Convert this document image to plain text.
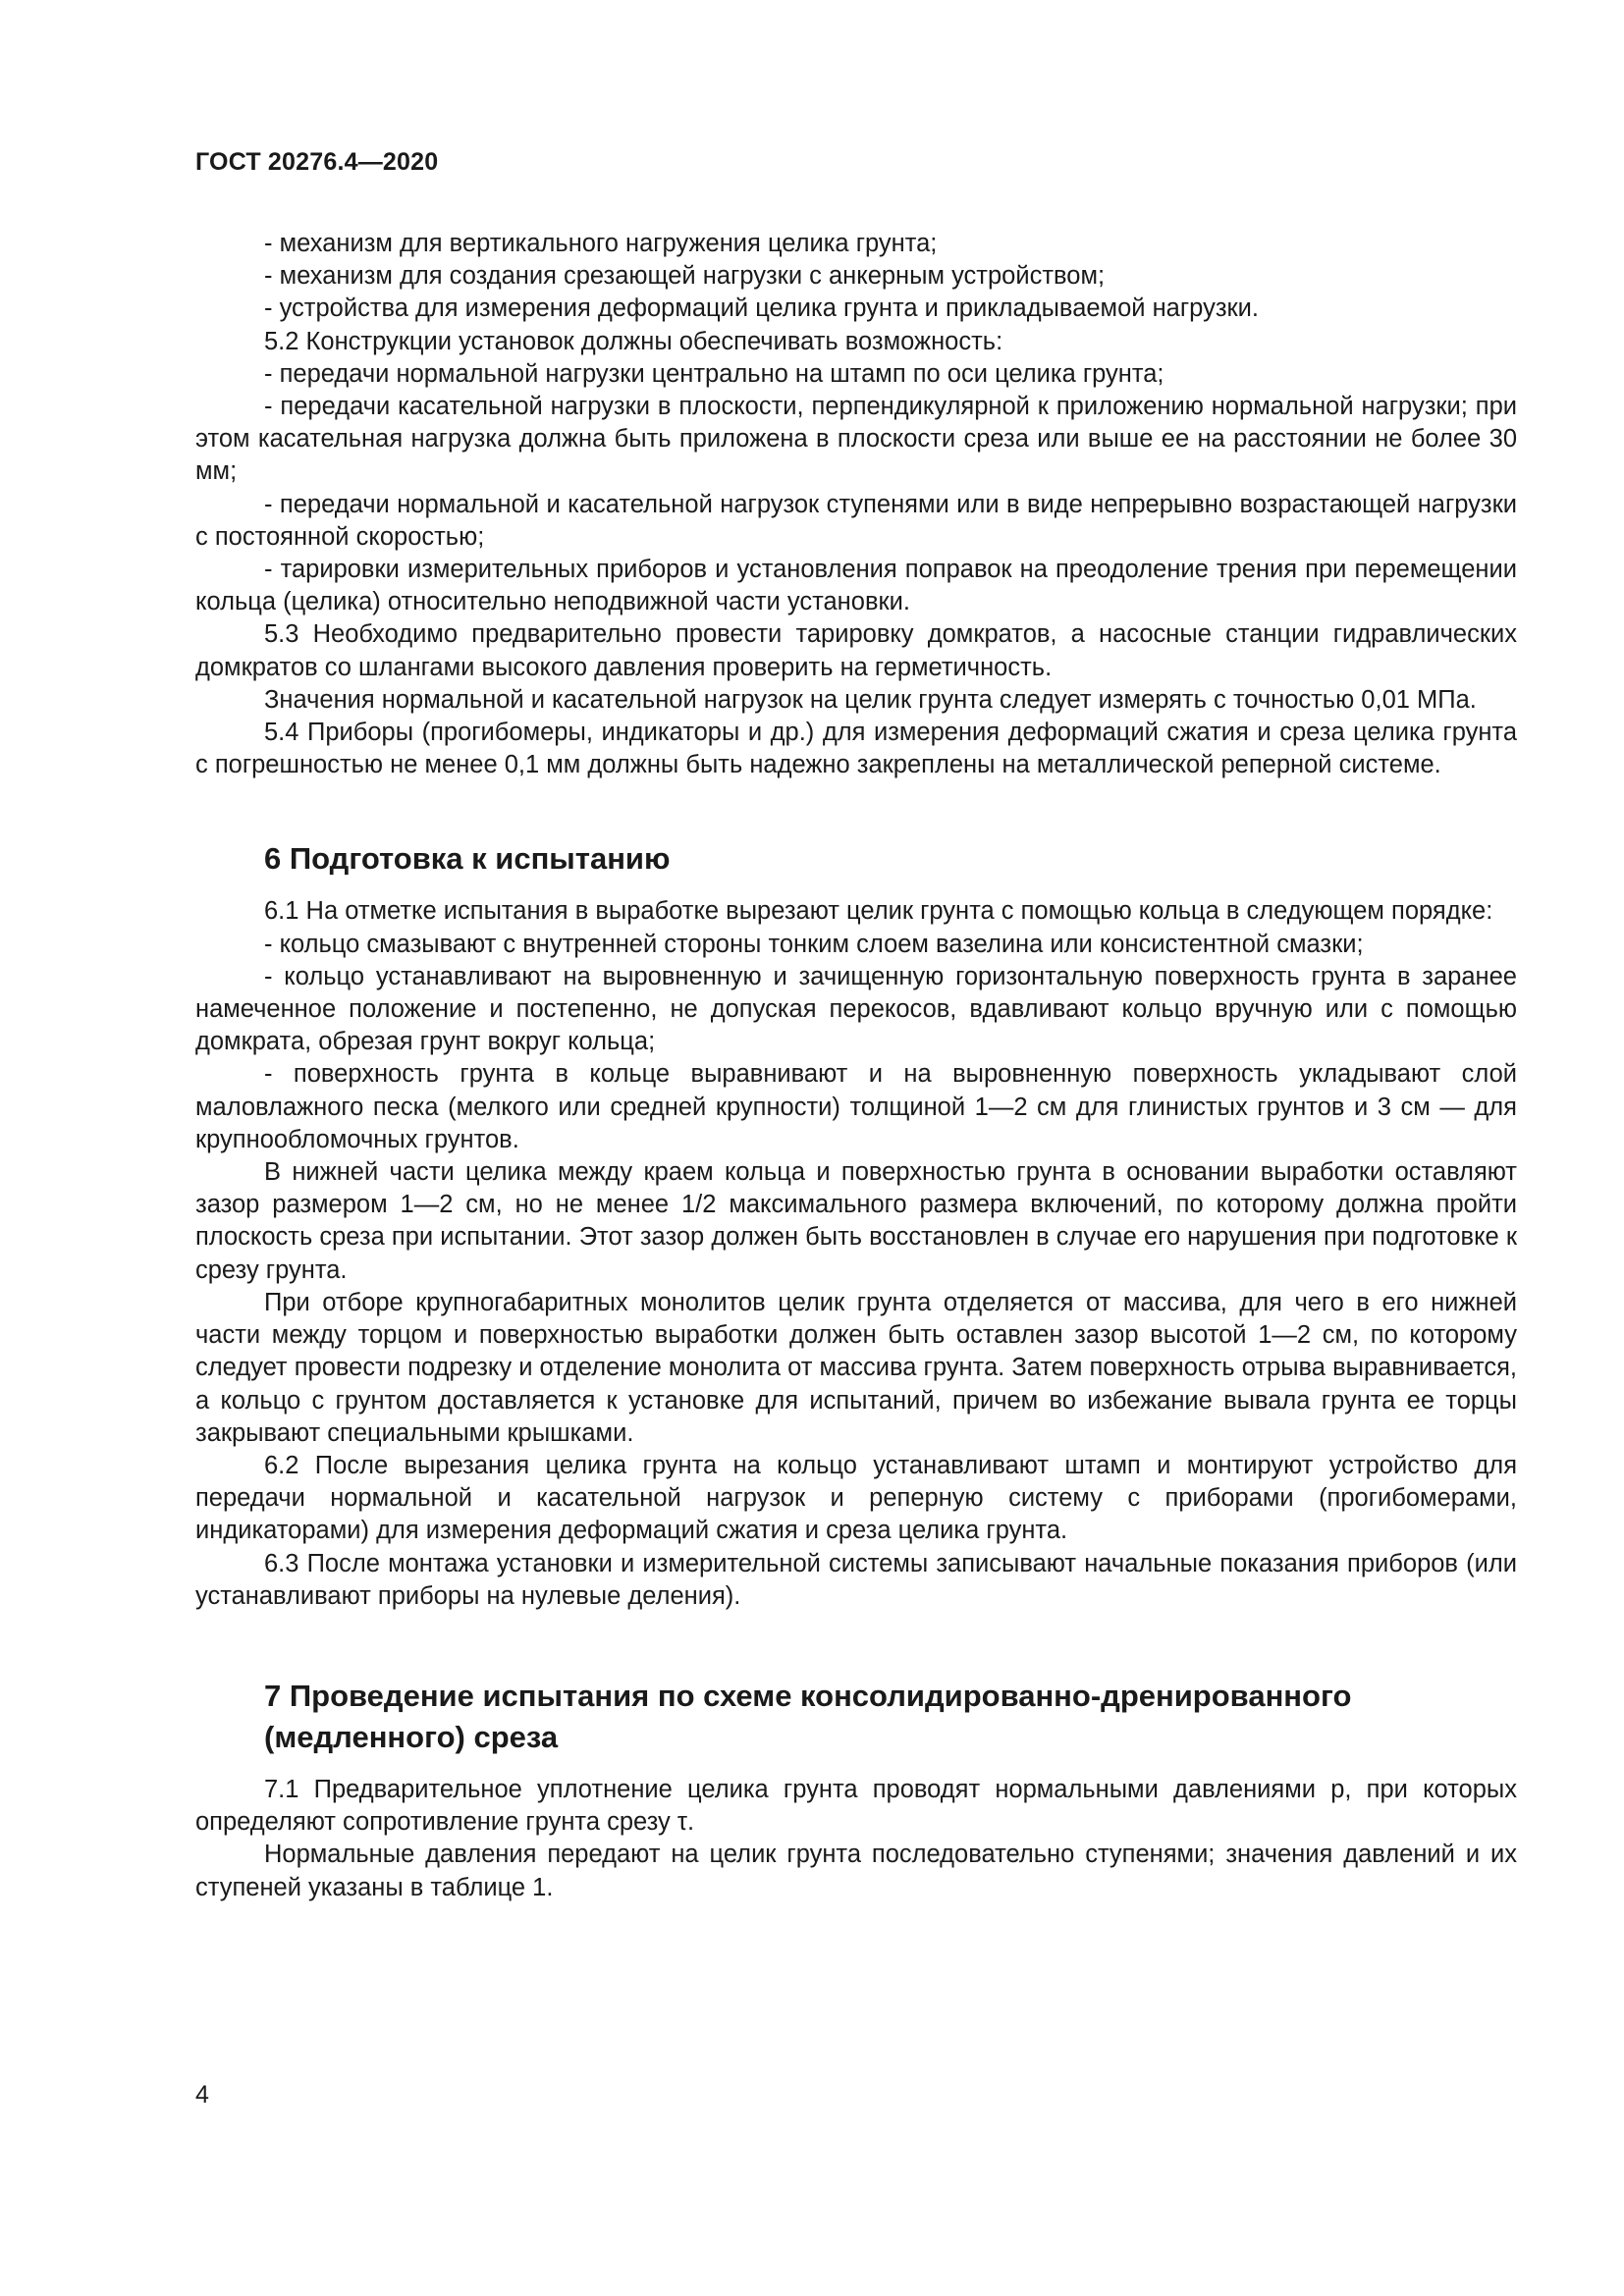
ГОСТ 20276.4—2020

- механизм для вертикального нагружения целика грунта;

- механизм для создания срезающей нагрузки с анкерным устройством;

- устройства для измерения деформаций целика грунта и прикладываемой нагрузки.

5.2 Конструкции установок должны обеспечивать возможность:

- передачи нормальной нагрузки центрально на штамп по оси целика грунта;

- передачи касательной нагрузки в плоскости, перпендикулярной к приложению нормальной нагрузки; при этом касательная нагрузка должна быть приложена в плоскости среза или выше ее на расстоянии не более 30 мм;

- передачи нормальной и касательной нагрузок ступенями или в виде непрерывно возрастающей нагрузки с постоянной скоростью;

- тарировки измерительных приборов и установления поправок на преодоление трения при перемещении кольца (целика) относительно неподвижной части установки.

5.3 Необходимо предварительно провести тарировку домкратов, а насосные станции гидравлических домкратов со шлангами высокого давления проверить на герметичность.

Значения нормальной и касательной нагрузок на целик грунта следует измерять с точностью 0,01 МПа.

5.4 Приборы (прогибомеры, индикаторы и др.) для измерения деформаций сжатия и среза целика грунта с погрешностью не менее 0,1 мм должны быть надежно закреплены на металлической реперной системе.

6 Подготовка к испытанию

6.1 На отметке испытания в выработке вырезают целик грунта с помощью кольца в следующем порядке:

- кольцо смазывают с внутренней стороны тонким слоем вазелина или консистентной смазки;

- кольцо устанавливают на выровненную и зачищенную горизонтальную поверхность грунта в заранее намеченное положение и постепенно, не допуская перекосов, вдавливают кольцо вручную или с помощью домкрата, обрезая грунт вокруг кольца;

- поверхность грунта в кольце выравнивают и на выровненную поверхность укладывают слой маловлажного песка (мелкого или средней крупности) толщиной 1—2 см для глинистых грунтов и 3 см — для крупнообломочных грунтов.

В нижней части целика между краем кольца и поверхностью грунта в основании выработки оставляют зазор размером 1—2 см, но не менее 1/2 максимального размера включений, по которому должна пройти плоскость среза при испытании. Этот зазор должен быть восстановлен в случае его нарушения при подготовке к срезу грунта.

При отборе крупногабаритных монолитов целик грунта отделяется от массива, для чего в его нижней части между торцом и поверхностью выработки должен быть оставлен зазор высотой 1—2 см, по которому следует провести подрезку и отделение монолита от массива грунта. Затем поверхность отрыва выравнивается, а кольцо с грунтом доставляется к установке для испытаний, причем во избежание вывала грунта ее торцы закрывают специальными крышками.

6.2 После вырезания целика грунта на кольцо устанавливают штамп и монтируют устройство для передачи нормальной и касательной нагрузок и реперную систему с приборами (прогибомерами, индикаторами) для измерения деформаций сжатия и среза целика грунта.

6.3 После монтажа установки и измерительной системы записывают начальные показания приборов (или устанавливают приборы на нулевые деления).

7 Проведение испытания по схеме консолидированно-дренированного (медленного) среза

7.1 Предварительное уплотнение целика грунта проводят нормальными давлениями p, при которых определяют сопротивление грунта срезу τ.

Нормальные давления передают на целик грунта последовательно ступенями; значения давлений и их ступеней указаны в таблице 1.

4
